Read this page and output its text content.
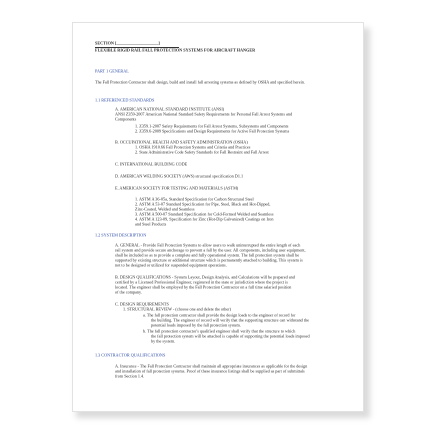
SECTION [____________________]
FLEXIBLE RIGID RAIL FALL PROTECTION SYSTEMS FOR AIRCRAFT HANGER
PART 1 GENERAL
The Fall Protection Contractor shall design, build and install fall arresting systems as defined by OSHA and specified herein.
1.1 REFERENCED STANDARDS
A. AMERICAN NATIONAL STANDARD INSTITUTE (ANSI)
ANSI Z359-2007 American National Standard Safety Requirements for Personal Fall Arrest Systems and
Components
1. Z359.1-2007 Safety Requirements for Fall Arrest Systems, Subsystems and Components
2. Z359.6-2009 Specifications and Design Requirements for Active Fall Protection Systems
B. OCCUPATIONAL HEALTH AND SAFETY ADMINISTRATION (OSHA)
1. OSHA 1910.66 Fall Protection Systems and Criteria and Practices
2. State Administrative Code Safety Standards for Fall Restraint and Fall Arrest
C. INTERNATIONAL BUILDING CODE
D. AMERICAN WELDING SOCIETY (AWS) structural specification D1.1
E. AMERICAN SOCIETY FOR TESTING AND MATERIALS (ASTM)
1. ASTM A 36-05a, Standard Specification for Carbon Structural Steel
2. ASTM A 53-07 Standard Specification for Pipe, Steel, Black and Hot-Dipped,
Zinc-Coated, Welded and Seamless
3. ASTM A 500-07 Standard Specification for Cold-Formed Welded and Seamless
4. ASTM A 123-09, Specification for Zinc (Hot-Dip Galvanized) Coatings on Iron
and Steel Products
1.2 SYSTEM DESCRIPTION
A. GENERAL - Provide Fall Protection Systems to allow users to walk uninterrupted the entire length of each
rail system and provide secure anchorage to prevent a fall by the user. All components, including user equipment,
shall be included so as to provide a complete and fully operational system. The fall protection system shall be
supported by existing structure or additional structure which is permanently attached to building. This system is
not to be designed or utilized for suspended equipment operations.
B. DESIGN QUALIFICATIONS - System Layout, Design Analysis, and Calculations will be prepared and
certified by a Licensed Professional Engineer, registered in the state or jurisdiction where the project is
located. The engineer shall be employed by the Fall Protection Contractor on a full time salaried position
of the company.
C. DESIGN REQUIREMENTS
1. STRUCTURAL REVIEW - (choose one and delete the other)
a. The fall protection contractor shall provide the design loads to the engineer of record for
the building. The engineer of record will verify that the supporting structure can withstand the
potential loads imposed by the fall protection system.
b. The fall protection contractor's qualified engineer shall verify that the structure to which
the fall protection system will be attached is capable of supporting the potential loads imposed
by the system.
1.3 CONTRACTOR QUALIFICATIONS
A. Insurance - The Fall Protection Contractor shall maintain all appropriate insurances as applicable for the design
and installation of fall protection systems. Proof of these insurance listings shall be supplied as part of submittals
from Section 1.4.
